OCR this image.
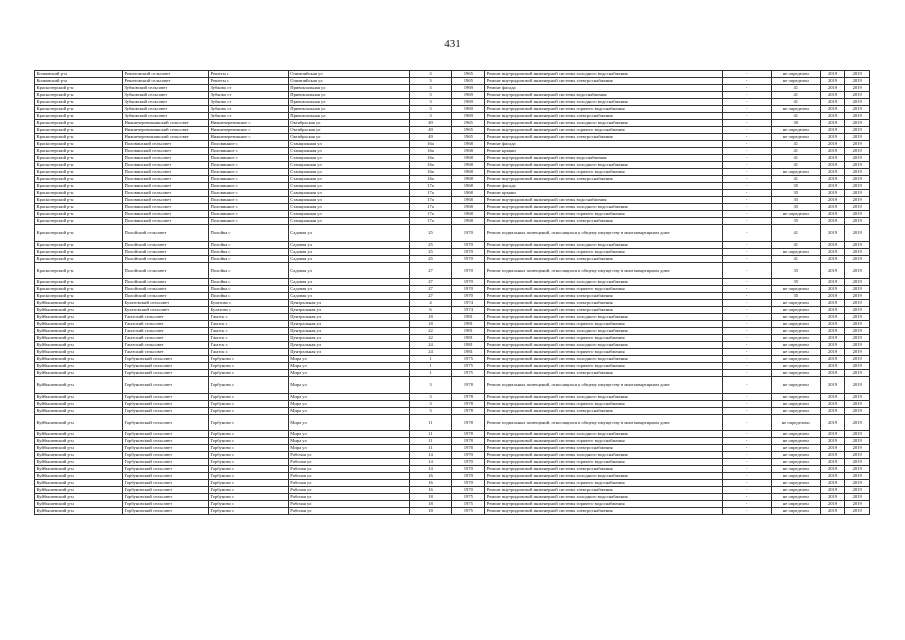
431
Кочковский р-н	Решетовский сельсовет	Решеты с	Олимпийская ул	3	1965	Ремонт внутридомовой инженерной системы холодного водоснабжения	-	не определен	2019	2019
Кочковский р-н	Решетовский сельсовет	Решеты с	Олимпийская ул	3	1965	Ремонт внутридомовой инженерной системы электроснабжения	-	не определен	2019	2019
Краснозерский р-н	Зубковский сельсовет	Зубково ст	Привокзальная ул	3	1969	Ремонт фасада	-	41	2019	2019
Краснозерский р-н	Зубковский сельсовет	Зубково ст	Привокзальная ул	3	1969	Ремонт внутридомовой инженерной системы водоснабжения	-	41	2019	2019
Краснозерский р-н	Зубковский сельсовет	Зубково ст	Привокзальная ул	3	1969	Ремонт внутридомовой инженерной системы холодного водоснабжения	-	41	2019	2019
Краснозерский р-н	Зубковский сельсовет	Зубково ст	Привокзальная ул	3	1969	Ремонт внутридомовой инженерной системы горячего водоснабжения	-	не определен	2019	2019
Краснозерский р-н	Зубковский сельсовет	Зубково ст	Привокзальная ул	3	1969	Ремонт внутридомовой инженерной системы электроснабжения	-	41	2019	2019
Краснозерский р-н	Нижнечеревошинский сельсовет	Нижнечеревошное с	Октябрьская ул	49	1965	Ремонт внутридомовой инженерной системы холодного водоснабжения	-	30	2019	2019
Краснозерский р-н	Нижнечеревошинский сельсовет	Нижнечеревошное с	Октябрьская ул	49	1965	Ремонт внутридомовой инженерной системы горячего водоснабжения	-	не определен	2019	2019
Краснозерский р-н	Нижнечеревошинский сельсовет	Нижнечеревошное с	Октябрьская ул	49	1965	Ремонт внутридомовой инженерной системы электроснабжения	-	не определен	2019	2019
Краснозерский р-н	Половинский сельсовет	Половинное с	Станционная ул	16а	1968	Ремонт фасада	-	41	2019	2019
Краснозерский р-н	Половинский сельсовет	Половинное с	Станционная ул	16а	1968	Ремонт крыши	-	41	2019	2019
Краснозерский р-н	Половинский сельсовет	Половинное с	Станционная ул	16а	1968	Ремонт внутридомовой инженерной системы водоснабжения	-	41	2019	2019
Краснозерский р-н	Половинский сельсовет	Половинное с	Станционная ул	16а	1968	Ремонт внутридомовой инженерной системы холодного водоснабжения	-	41	2019	2019
Краснозерский р-н	Половинский сельсовет	Половинное с	Станционная ул	16а	1968	Ремонт внутридомовой инженерной системы горячего водоснабжения	-	не определен	2019	2019
Краснозерский р-н	Половинский сельсовет	Половинное с	Станционная ул	16а	1968	Ремонт внутридомовой инженерной системы электроснабжения	-	41	2019	2019
Краснозерский р-н	Половинский сельсовет	Половинное с	Станционная ул	17а	1968	Ремонт фасада	-	35	2019	2019
Краснозерский р-н	Половинский сельсовет	Половинное с	Станционная ул	17а	1968	Ремонт крыши	-	35	2019	2019
Краснозерский р-н	Половинский сельсовет	Половинное с	Станционная ул	17а	1968	Ремонт внутридомовой инженерной системы водоснабжения	-	35	2019	2019
Краснозерский р-н	Половинский сельсовет	Половинное с	Станционная ул	17а	1968	Ремонт внутридомовой инженерной системы холодного водоснабжения	-	35	2019	2019
Краснозерский р-н	Половинский сельсовет	Половинное с	Станционная ул	17а	1968	Ремонт внутридомовой инженерной системы горячего водоснабжения	-	не определен	2019	2019
Краснозерский р-н	Половинский сельсовет	Половинное с	Станционная ул	17а	1968	Ремонт внутридомовой инженерной системы электроснабжения	-	35	2019	2019
Краснозерский р-н	Полойский сельсовет	Полойка с	Садовая ул	25	1970	Ремонт подвальных помещений, относящихся к общему имуществу в многоквартирном доме	-	41	2019	2019
Краснозерский р-н	Полойский сельсовет	Полойка с	Садовая ул	25	1970	Ремонт внутридомовой инженерной системы холодного водоснабжения	-	41	2019	2019
Краснозерский р-н	Полойский сельсовет	Полойка с	Садовая ул	25	1970	Ремонт внутридомовой инженерной системы горячего водоснабжения	-	не определен	2019	2019
Краснозерский р-н	Полойский сельсовет	Полойка с	Садовая ул	25	1970	Ремонт внутридомовой инженерной системы электроснабжения	-	41	2019	2019
Краснозерский р-н	Полойский сельсовет	Полойка с	Садовая ул	27	1970	Ремонт подвальных помещений, относящихся к общему имуществу в многоквартирном доме	-	35	2019	2019
Краснозерский р-н	Полойский сельсовет	Полойка с	Садовая ул	27	1970	Ремонт внутридомовой инженерной системы холодного водоснабжения	-	35	2019	2019
Краснозерский р-н	Полойский сельсовет	Полойка с	Садовая ул	27	1970	Ремонт внутридомовой инженерной системы горячего водоснабжения	-	не определен	2019	2019
Краснозерский р-н	Полойский сельсовет	Полойка с	Садовая ул	27	1970	Ремонт внутридомовой инженерной системы электроснабжения	-	35	2019	2019
Куйбышевский р-н	Булатовский сельсовет	Булатово с	Центральная ул	4	1974	Ремонт внутридомовой инженерной системы электроснабжения	-	не определен	2019	2019
Куйбышевский р-н	Булатовский сельсовет	Булатово с	Центральная ул	6	1974	Ремонт внутридомовой инженерной системы электроснабжения	-	не определен	2019	2019
Куйбышевский р-н	Гжатский сельсовет	Гжатск с	Центральная ул	18	1981	Ремонт внутридомовой инженерной системы холодного водоснабжения	-	не определен	2019	2019
Куйбышевский р-н	Гжатский сельсовет	Гжатск с	Центральная ул	18	1981	Ремонт внутридомовой инженерной системы горячего водоснабжения	-	не определен	2019	2019
Куйбышевский р-н	Гжатский сельсовет	Гжатск с	Центральная ул	22	1981	Ремонт внутридомовой инженерной системы холодного водоснабжения	-	не определен	2019	2019
Куйбышевский р-н	Гжатский сельсовет	Гжатск с	Центральная ул	22	1981	Ремонт внутридомовой инженерной системы горячего водоснабжения	-	не определен	2019	2019
Куйбышевский р-н	Гжатский сельсовет	Гжатск с	Центральная ул	24	1981	Ремонт внутридомовой инженерной системы холодного водоснабжения	-	не определен	2019	2019
Куйбышевский р-н	Гжатский сельсовет	Гжатск с	Центральная ул	24	1981	Ремонт внутридомовой инженерной системы горячего водоснабжения	-	не определен	2019	2019
Куйбышевский р-н	Горбуновский сельсовет	Горбуново с	Мира ул	1	1975	Ремонт внутридомовой инженерной системы холодного водоснабжения	-	не определен	2019	2019
Куйбышевский р-н	Горбуновский сельсовет	Горбуново с	Мира ул	1	1975	Ремонт внутридомовой инженерной системы горячего водоснабжения	-	не определен	2019	2019
Куйбышевский р-н	Горбуновский сельсовет	Горбуново с	Мира ул	1	1975	Ремонт внутридомовой инженерной системы электроснабжения	-	не определен	2019	2019
Куйбышевский р-н	Горбуновский сельсовет	Горбуново с	Мира ул	3	1978	Ремонт подвальных помещений, относящихся к общему имуществу в многоквартирном доме	-	не определен	2019	2019
Куйбышевский р-н	Горбуновский сельсовет	Горбуново с	Мира ул	3	1978	Ремонт внутридомовой инженерной системы холодного водоснабжения	-	не определен	2019	2019
Куйбышевский р-н	Горбуновский сельсовет	Горбуново с	Мира ул	3	1978	Ремонт внутридомовой инженерной системы горячего водоснабжения	-	не определен	2019	2019
Куйбышевский р-н	Горбуновский сельсовет	Горбуново с	Мира ул	3	1978	Ремонт внутридомовой инженерной системы электроснабжения	-	не определен	2019	2019
Куйбышевский р-н	Горбуновский сельсовет	Горбуново с	Мира ул	11	1978	Ремонт подвальных помещений, относящихся к общему имуществу в многоквартирном доме	-	не определено	2019	2019
Куйбышевский р-н	Горбуновский сельсовет	Горбуново с	Мира ул	11	1978	Ремонт внутридомовой инженерной системы холодного водоснабжения	-	не определен	2019	2019
Куйбышевский р-н	Горбуновский сельсовет	Горбуново с	Мира ул	11	1978	Ремонт внутридомовой инженерной системы горячего водоснабжения	-	не определен	2019	2019
Куйбышевский р-н	Горбуновский сельсовет	Горбуново с	Мира ул	11	1978	Ремонт внутридомовой инженерной системы электроснабжения	-	не определен	2019	2019
Куйбышевский р-н	Горбуновский сельсовет	Горбуново с	Рабочая ул	14	1970	Ремонт внутридомовой инженерной системы холодного водоснабжения	-	не определен	2019	2019
Куйбышевский р-н	Горбуновский сельсовет	Горбуново с	Рабочая ул	14	1970	Ремонт внутридомовой инженерной системы горячего водоснабжения	-	не определен	2019	2019
Куйбышевский р-н	Горбуновский сельсовет	Горбуново с	Рабочая ул	14	1970	Ремонт внутридомовой инженерной системы электроснабжения	-	не определен	2019	2019
Куйбышевский р-н	Горбуновский сельсовет	Горбуново с	Рабочая ул	16	1970	Ремонт внутридомовой инженерной системы холодного водоснабжения	-	не определен	2019	2019
Куйбышевский р-н	Горбуновский сельсовет	Горбуново с	Рабочая ул	16	1970	Ремонт внутридомовой инженерной системы горячего водоснабжения	-	не определен	2019	2019
Куйбышевский р-н	Горбуновский сельсовет	Горбуново с	Рабочая ул	16	1970	Ремонт внутридомовой инженерной системы электроснабжения	-	не определен	2019	2019
Куйбышевский р-н	Горбуновский сельсовет	Горбуново с	Рабочая ул	18	1975	Ремонт внутридомовой инженерной системы холодного водоснабжения	-	не определен	2019	2019
Куйбышевский р-н	Горбуновский сельсовет	Горбуново с	Рабочая ул	18	1975	Ремонт внутридомовой инженерной системы горячего водоснабжения	-	не определен	2019	2019
Куйбышевский р-н	Горбуновский сельсовет	Горбуново с	Рабочая ул	18	1975	Ремонт внутридомовой инженерной системы электроснабжения	-	не определен	2019	2019
